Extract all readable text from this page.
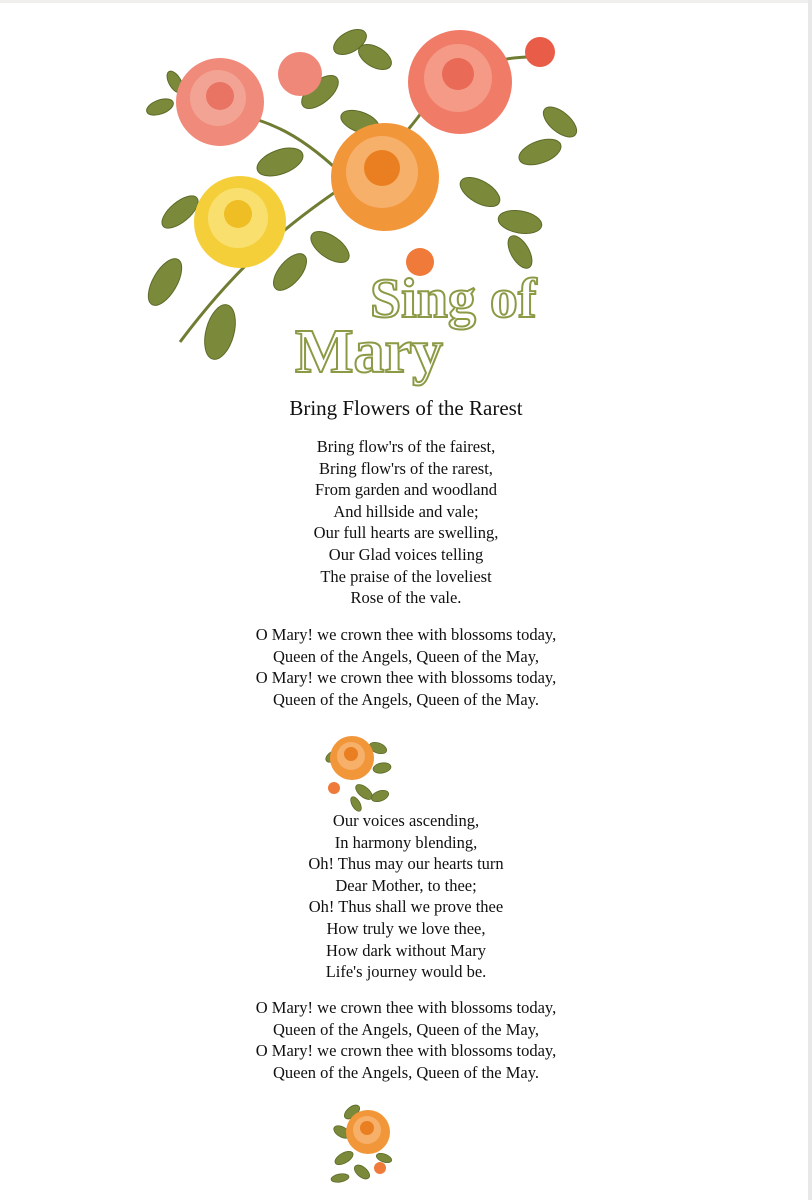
Sing of
Mary
Bring Flowers of the Rarest
Bring flow'rs of the fairest,
Bring flow'rs of the rarest,
From garden and woodland
And hillside and vale;
Our full hearts are swelling,
Our Glad voices telling
The praise of the loveliest
Rose of the vale.
O Mary! we crown thee with blossoms today,
Queen of the Angels, Queen of the May,
O Mary! we crown thee with blossoms today,
Queen of the Angels, Queen of the May.
Our voices ascending,
In harmony blending,
Oh! Thus may our hearts turn
Dear Mother, to thee;
Oh! Thus shall we prove thee
How truly we love thee,
How dark without Mary
Life's journey would be.
O Mary! we crown thee with blossoms today,
Queen of the Angels, Queen of the May,
O Mary! we crown thee with blossoms today,
Queen of the Angels, Queen of the May.
